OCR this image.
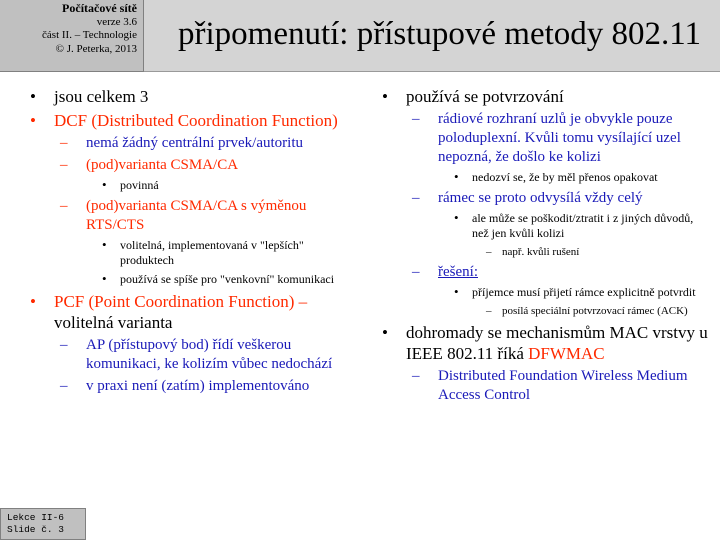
Počítačové sítě
verze 3.6
část II. – Technologie
© J. Peterka, 2013 připomenutí: přístupové metody 802.11
• jsou celkem 3
• DCF (Distributed Coordination Function)
– nemá žádný centrální prvek/autoritu
– (pod)varianta CSMA/CA
• povinná
– (pod)varianta CSMA/CA s výměnou RTS/CTS
• volitelná, implementovaná v "lepších" produktech
• používá se spíše pro "venkovní" komunikaci
• PCF (Point Coordination Function) – volitelná varianta
– AP (přístupový bod) řídí veškerou komunikaci, ke kolizím vůbec nedochází
– v praxi není (zatím) implementováno
• používá se potvrzování
– rádiové rozhraní uzlů je obvykle pouze poloduplexní. Kvůli tomu vysílající uzel nepozná, že došlo ke kolizi
• nedozví se, že by měl přenos opakovat
– rámec se proto odvysílá vždy celý
• ale může se poškodit/ztratit i z jiných důvodů, než jen kvůli kolizi
– např. kvůli rušení
– řešení:
• příjemce musí přijetí rámce explicitně potvrdit
– posílá speciální potvrzovací rámec (ACK)
• dohromady se mechanismům MAC vrstvy u IEEE 802.11 říká DFWMAC
– Distributed Foundation Wireless Medium Access Control
Lekce II-6
Slide č. 3
